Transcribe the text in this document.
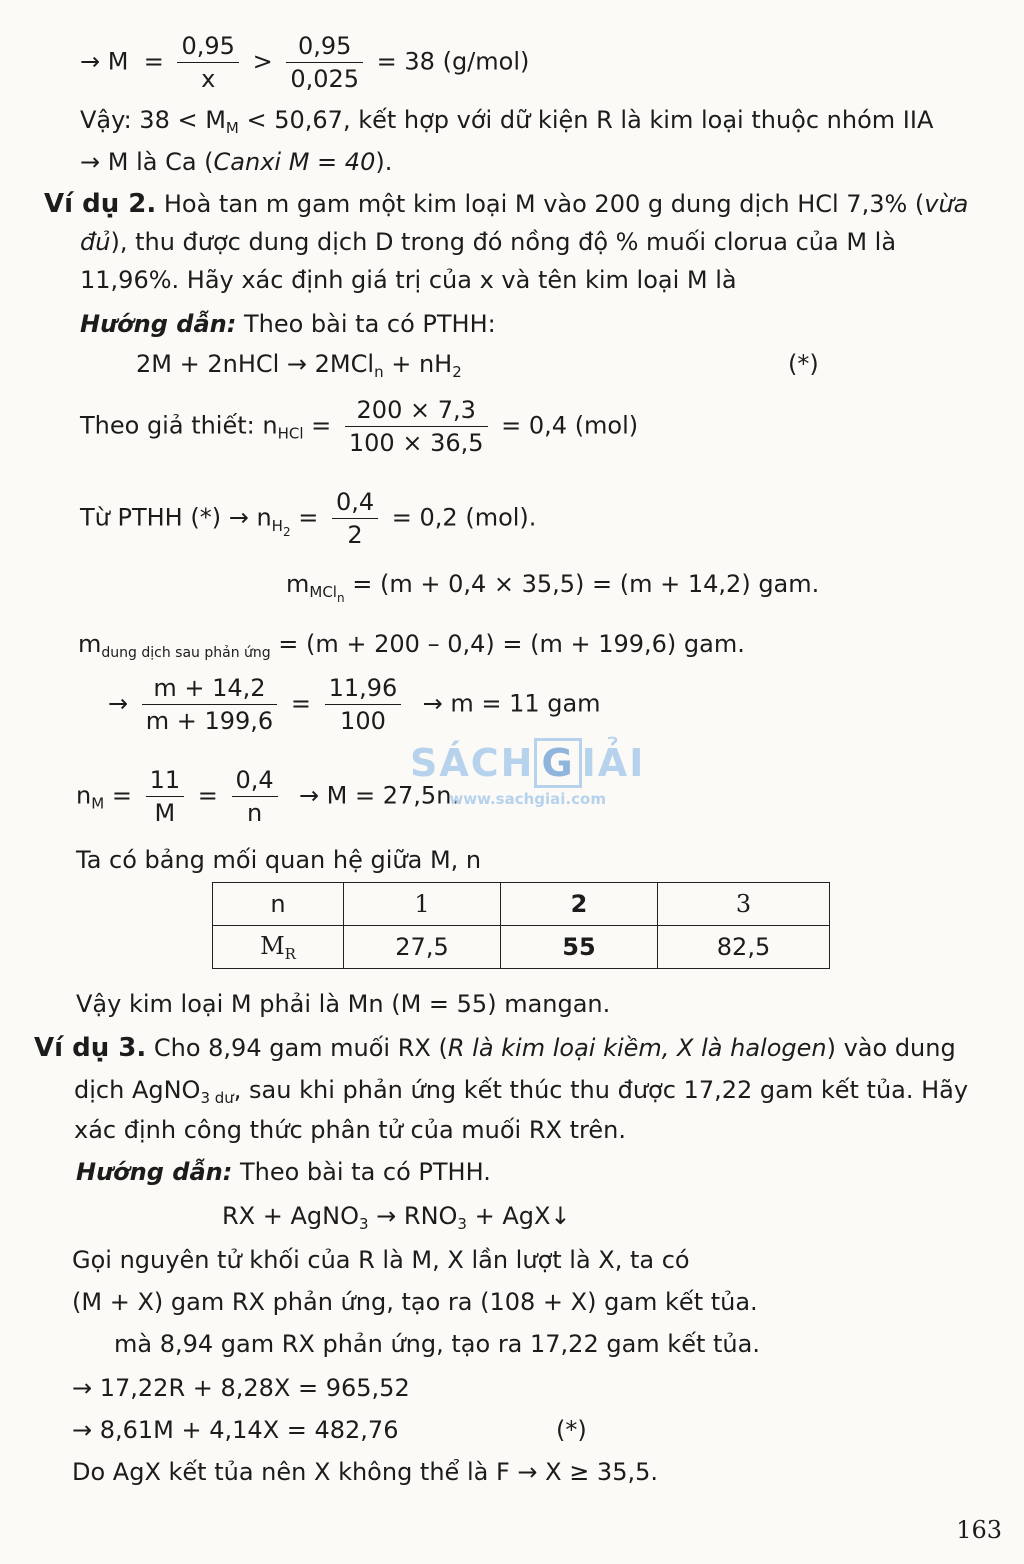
→ $M = \frac{0,95}{x} > \frac{0,95}{0,025} = 38$ (g/mol)
Vậy: $38 < M_M < 50,67$, kết hợp với dữ kiện R là kim loại thuộc nhóm IIA
→ M là Ca (Canxi M = 40).
Ví dụ 2. Hoà tan m gam một kim loại M vào 200 g dung dịch HCl 7,3% (vừa
đủ), thu được dung dịch D trong đó nồng độ % muối clorua của M là
11,96%. Hãy xác định giá trị của x và tên kim loại M là
Hướng dẫn: Theo bài ta có PTHH:
2M + 2nHCl → $2MCl_n + nH_2$	(*)
Theo giả thiết: $n_{HCl} = \frac{200 \times 7,3}{100 \times 36,5} = 0,4$ (mol)
Từ PTHH (*) → $n_{H_2} = \frac{0,4}{2} = 0,2$ (mol).
$m_{MCl_n} = (m + 0,4 \times 35,5) = (m + 14,2)$ gam.
$m_{dung dịch sau phản ứng} = (m + 200 - 0,4) = (m + 199,6)$ gam.
→ $\frac{m + 14,2}{m + 199,6} = \frac{11,96}{100} \to m = 11$ gam
$n_M = \frac{11}{M} = \frac{0,4}{n} \to M = 27,5n$.
SÁCH G IẢI
www.sachgiai.com
Ta có bảng mối quan hệ giữa M, n
n	1	2	3
$M_R$	27,5	55	82,5
Vậy kim loại M phải là Mn (M = 55) mangan.
Ví dụ 3. Cho 8,94 gam muối RX (R là kim loại kiềm, X là halogen) vào dung
dịch AgNO$_{3 dư}$, sau khi phản ứng kết thúc thu được 17,22 gam kết tủa. Hãy
xác định công thức phân tử của muối RX trên.
Hướng dẫn: Theo bài ta có PTHH.
RX + AgNO$_3$ → $RNO_3$ + AgX↓
Gọi nguyên tử khối của R là M, X lần lượt là X, ta có
(M + X) gam RX phản ứng, tạo ra (108 + X) gam kết tủa.
mà 8,94 gam RX phản ứng, tạo ra 17,22 gam kết tủa.
→ 17,22R + 8,28X = 965,52
→ 8,61M + 4,14X = 482,76	(*)
Do AgX kết tủa nên X không thể là F → X ≥ 35,5.
163
